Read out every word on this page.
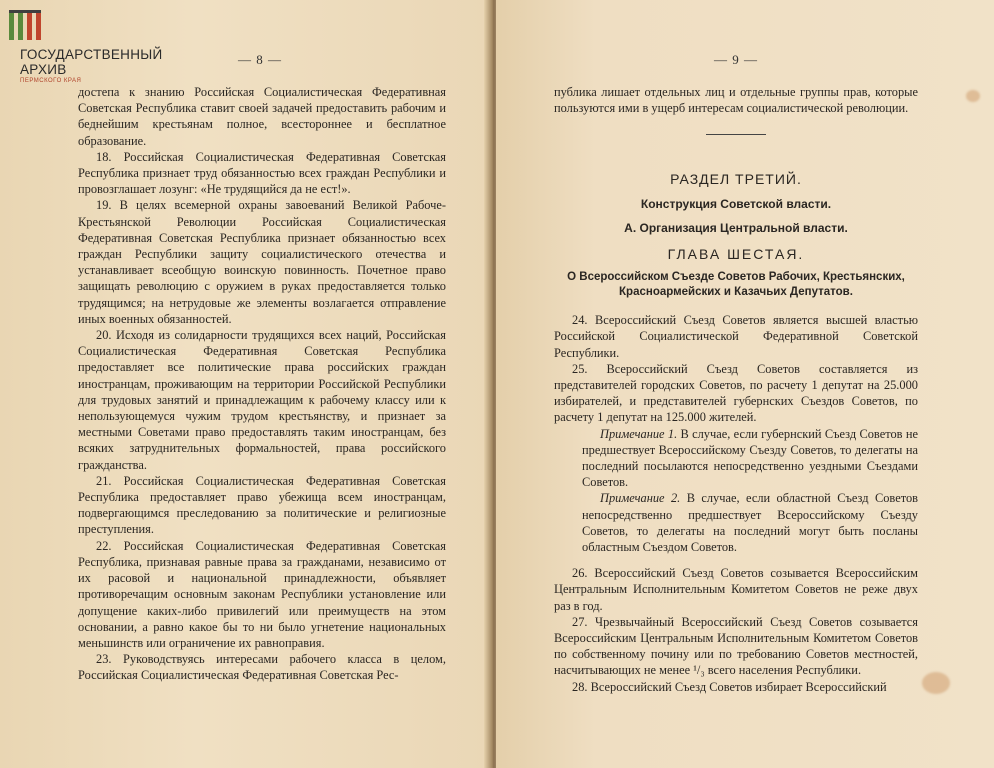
— 8 —

достепа к знанию Российская Социалистическая Федеративная Советская Республика ставит своей задачей предоставить рабочим и беднейшим крестьянам полное, всестороннее и бесплатное образование.

18. Российская Социалистическая Федеративная Советская Республика признает труд обязанностью всех граждан Республики и провозглашает лозунг: «Не трудящийся да не ест!».

19. В целях всемерной охраны завоеваний Великой Рабоче-Крестьянской Революции Российская Социалистическая Федеративная Советская Республика признает обязанностью всех граждан Республики защиту социалистического отечества и устанавливает всеобщую воинскую повинность. Почетное право защищать революцию с оружием в руках предоставляется только трудящимся; на нетрудовые же элементы возлагается отправление иных военных обязанностей.

20. Исходя из солидарности трудящихся всех наций, Российская Социалистическая Федеративная Советская Республика предоставляет все политические права российских граждан иностранцам, проживающим на территории Российской Республики для трудовых занятий и принадлежащим к рабочему классу или к непользующемуся чужим трудом крестьянству, и признает за местными Советами право предоставлять таким иностранцам, без всяких затруднительных формальностей, права российского гражданства.

21. Российская Социалистическая Федеративная Советская Республика предоставляет право убежища всем иностранцам, подвергающимся преследованию за политические и религиозные преступления.

22. Российская Социалистическая Федеративная Советская Республика, признавая равные права за гражданами, независимо от их расовой и национальной принадлежности, объявляет противоречащим основным законам Республики установление или допущение каких-либо привилегий или преимуществ на этом основании, а равно какое бы то ни было угнетение национальных меньшинств или ограничение их равноправия.

23. Руководствуясь интересами рабочего класса в целом, Российская Социалистическая Федеративная Советская Рес-

— 9 —

публика лишает отдельных лиц и отдельные группы прав, которые пользуются ими в ущерб интересам социалистической революции.

РАЗДЕЛ ТРЕТИЙ.
Конструкция Советской власти.
А. Организация Центральной власти.
ГЛАВА ШЕСТАЯ.
О Всероссийском Съезде Советов Рабочих, Крестьянских, Красноармейских и Казачьих Депутатов.

24. Всероссийский Съезд Советов является высшей властью Российской Социалистической Федеративной Советской Республики.

25. Всероссийский Съезд Советов составляется из представителей городских Советов, по расчету 1 депутат на 25.000 избирателей, и представителей губернских Съездов Советов, по расчету 1 депутат на 125.000 жителей.

Примечание 1. В случае, если губернский Съезд Советов не предшествует Всероссийскому Съезду Советов, то делегаты на последний посылаются непосредственно уездными Съездами Советов.

Примечание 2. В случае, если областной Съезд Советов непосредственно предшествует Всероссийскому Съезду Советов, то делегаты на последний могут быть посланы областным Съездом Советов.

26. Всероссийский Съезд Советов созывается Всероссийским Центральным Исполнительным Комитетом Советов не реже двух раз в год.

27. Чрезвычайный Всероссийский Съезд Советов созывается Всероссийским Центральным Исполнительным Комитетом Советов по собственному почину или по требованию Советов местностей, насчитывающих не менее ¹/₃ всего населения Республики.

28. Всероссийский Съезд Советов избирает Всероссийский

ГОСУДАРСТВЕННЫЙ
АРХИВ
ПЕРМСКОГО КРАЯ
